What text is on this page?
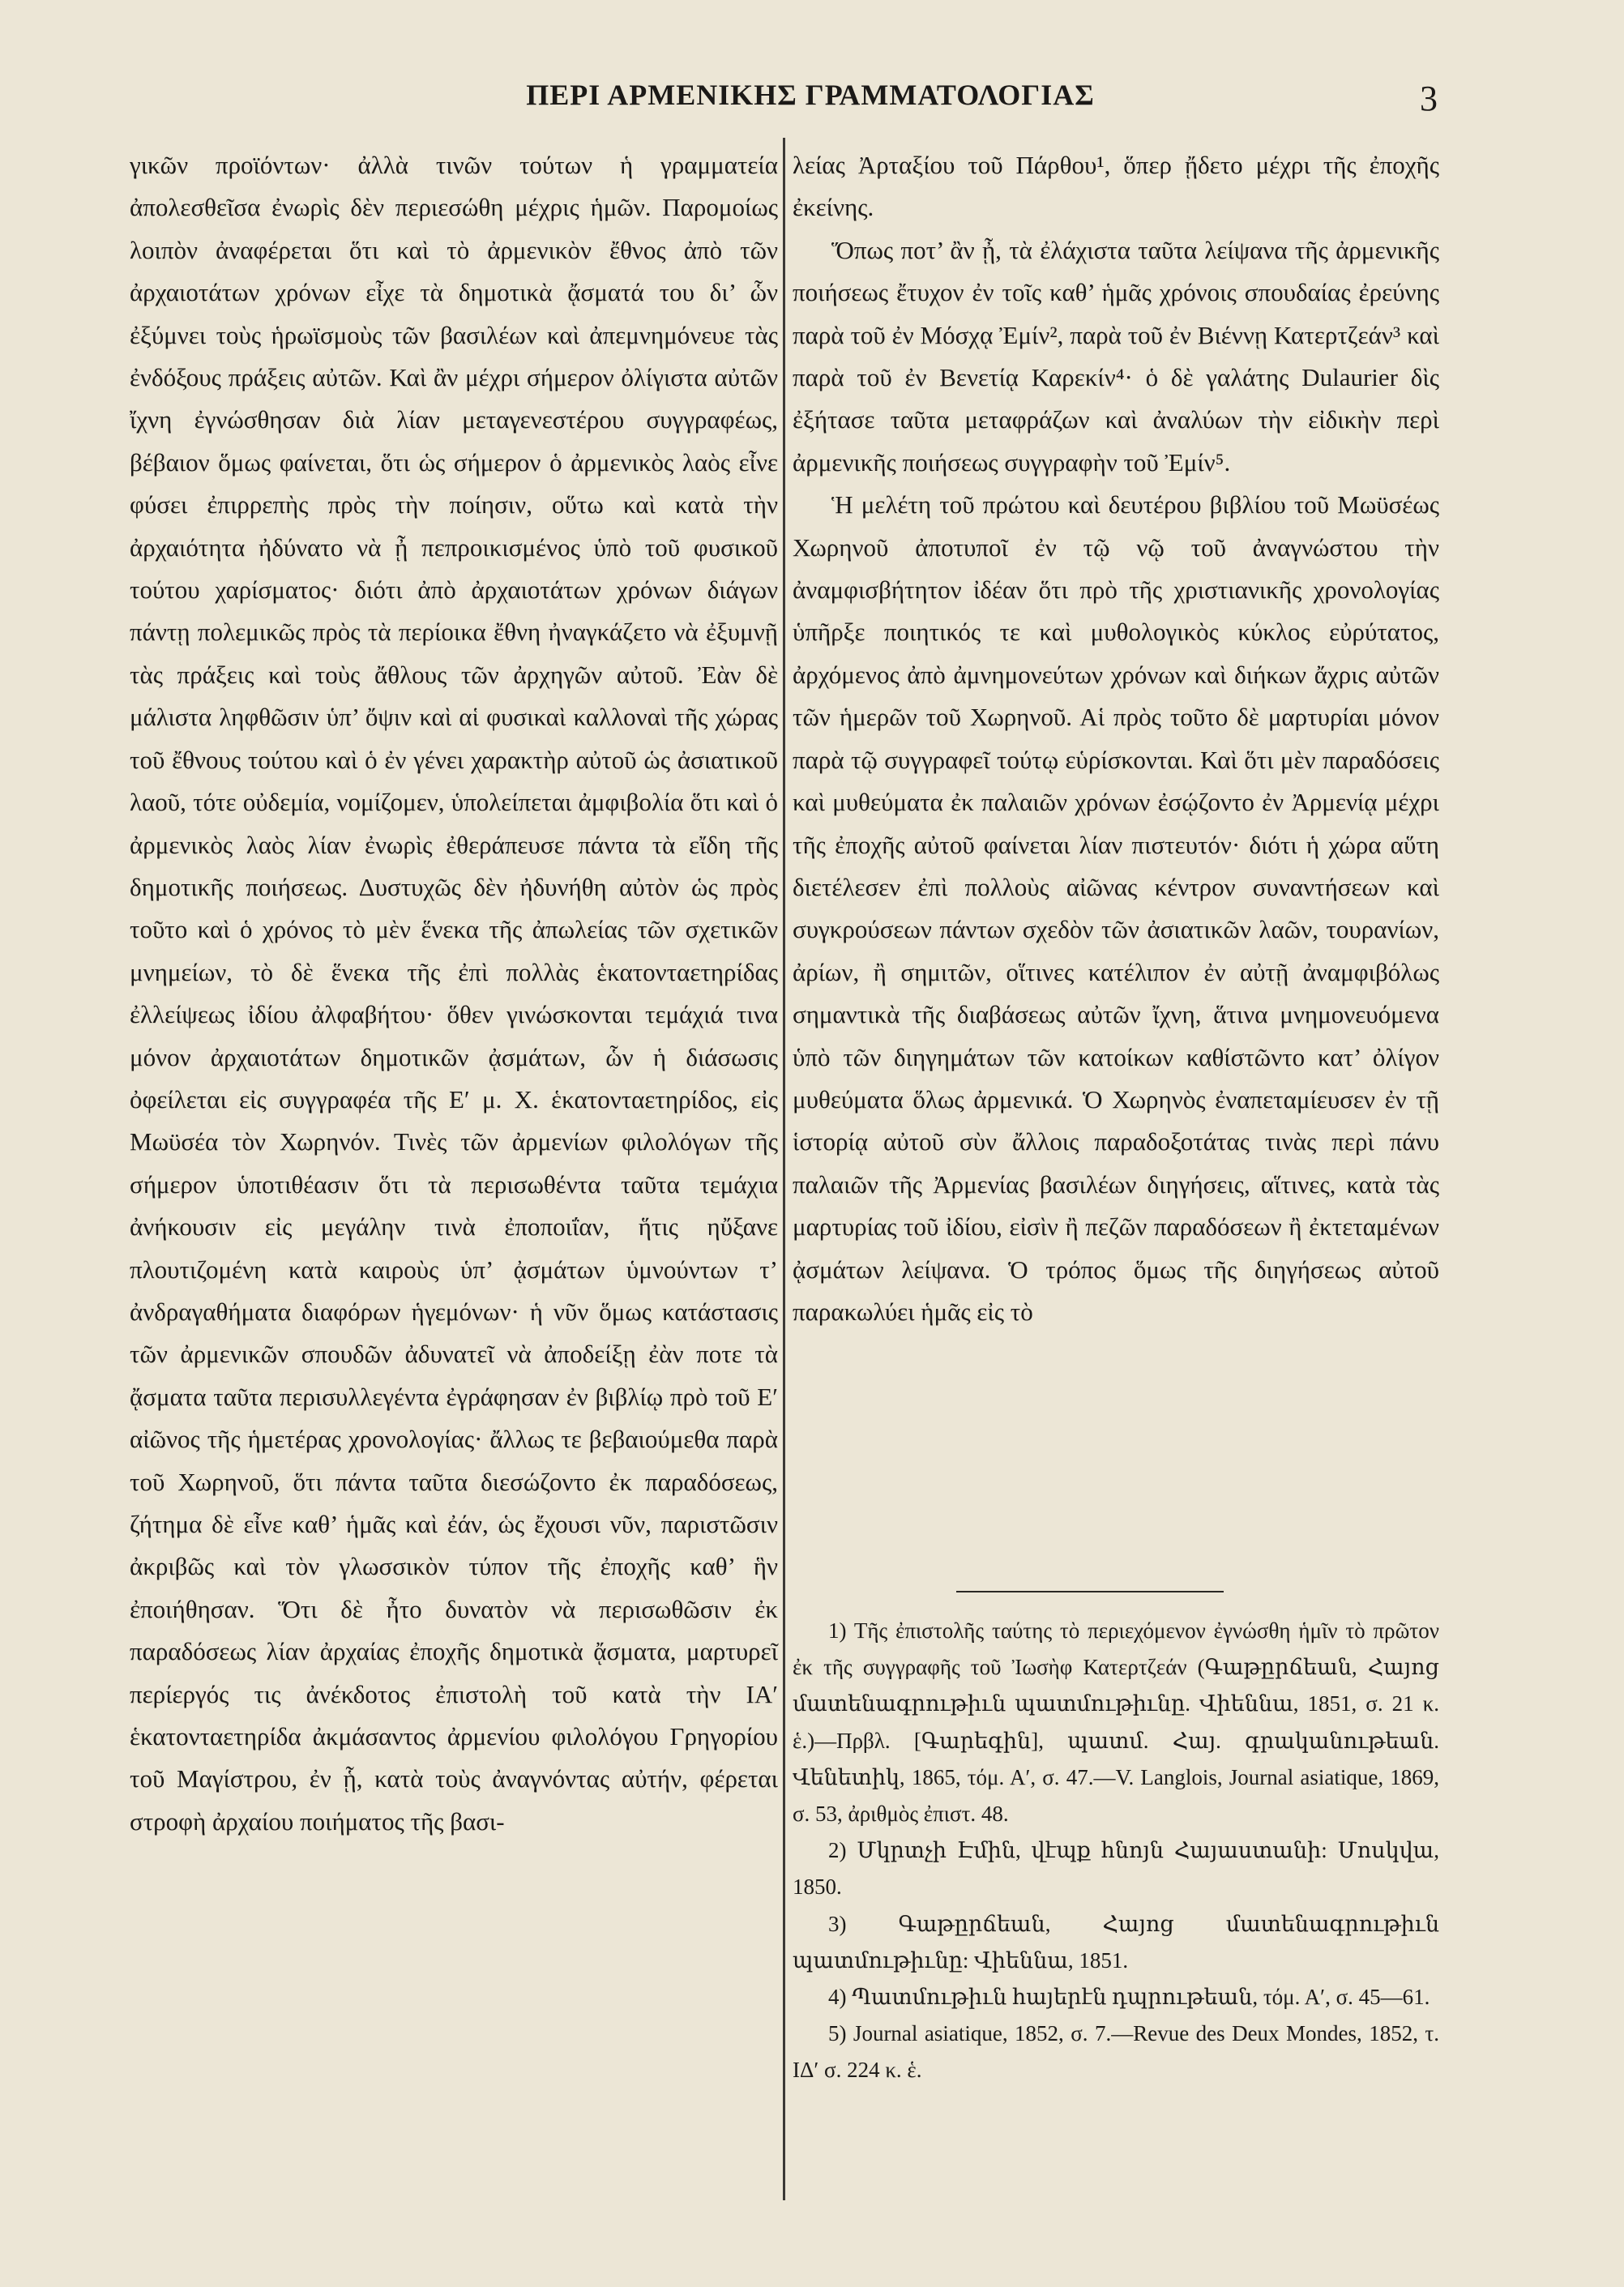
ΠΕΡΙ ΑΡΜΕΝΙΚΗΣ ΓΡΑΜΜΑΤΟΛΟΓΙΑΣ	3

γικῶν προϊόντων· ἀλλὰ τινῶν τούτων ἡ γραμματεία ἀπολεσθεῖσα ἐνωρὶς δὲν περιεσώθη μέχρις ἡμῶν. Παρομοίως λοιπὸν ἀναφέρεται ὅτι καὶ τὸ ἀρμενικὸν ἔθνος ἀπὸ τῶν ἀρχαιοτάτων χρόνων εἶχε τὰ δημοτικὰ ᾄσματά του δι’ ὧν ἐξύμνει τοὺς ἡρωϊσμοὺς τῶν βασιλέων καὶ ἀπεμνημόνευε τὰς ἐνδόξους πράξεις αὐτῶν. Καὶ ἂν μέχρι σήμερον ὀλίγιστα αὐτῶν ἴχνη ἐγνώσθησαν διὰ λίαν μεταγενεστέρου συγγραφέως, βέβαιον ὅμως φαίνεται, ὅτι ὡς σήμερον ὁ ἀρμενικὸς λαὸς εἶνε φύσει ἐπιρρεπὴς πρὸς τὴν ποίησιν, οὕτω καὶ κατὰ τὴν ἀρχαιότητα ἠδύνατο νὰ ᾖ πεπροικισμένος ὑπὸ τοῦ φυσικοῦ τούτου χαρίσματος· διότι ἀπὸ ἀρχαιοτάτων χρόνων διάγων πάντῃ πολεμικῶς πρὸς τὰ περίοικα ἔθνη ἠναγκάζετο νὰ ἐξυμνῇ τὰς πράξεις καὶ τοὺς ἄθλους τῶν ἀρχηγῶν αὐτοῦ. Ἐὰν δὲ μάλιστα ληφθῶσιν ὑπ’ ὄψιν καὶ αἱ φυσικαὶ καλλοναὶ τῆς χώρας τοῦ ἔθνους τούτου καὶ ὁ ἐν γένει χαρακτὴρ αὐτοῦ ὡς ἀσιατικοῦ λαοῦ, τότε οὐδεμία, νομίζομεν, ὑπολείπεται ἀμφιβολία ὅτι καὶ ὁ ἀρμενικὸς λαὸς λίαν ἐνωρὶς ἐθεράπευσε πάντα τὰ εἴδη τῆς δημοτικῆς ποιήσεως. Δυστυχῶς δὲν ἠδυνήθη αὐτὸν ὡς πρὸς τοῦτο καὶ ὁ χρόνος τὸ μὲν ἕνεκα τῆς ἀπωλείας τῶν σχετικῶν μνημείων, τὸ δὲ ἕνεκα τῆς ἐπὶ πολλὰς ἑκατονταετηρίδας ἐλλείψεως ἰδίου ἀλφαβήτου· ὅθεν γινώσκονται τεμάχιά τινα μόνον ἀρχαιοτάτων δημοτικῶν ᾀσμάτων, ὧν ἡ διάσωσις ὀφείλεται εἰς συγγραφέα τῆς Ε′ μ. Χ. ἑκατονταετηρίδος, εἰς Μωϋσέα τὸν Χωρηνόν. Τινὲς τῶν ἀρμενίων φιλολόγων τῆς σήμερον ὑποτιθέασιν ὅτι τὰ περισωθέντα ταῦτα τεμάχια ἀνήκουσιν εἰς μεγάλην τινὰ ἐποποιΐαν, ἥτις ηὔξανε πλουτιζομένη κατὰ καιροὺς ὑπ’ ᾀσμάτων ὑμνούντων τ’ ἀνδραγαθήματα διαφόρων ἡγεμόνων· ἡ νῦν ὅμως κατάστασις τῶν ἀρμενικῶν σπουδῶν ἀδυνατεῖ νὰ ἀποδείξῃ ἐὰν ποτε τὰ ᾄσματα ταῦτα περισυλλεγέντα ἐγράφησαν ἐν βιβλίῳ πρὸ τοῦ Ε′ αἰῶνος τῆς ἡμετέρας χρονολογίας· ἄλλως τε βεβαιούμεθα παρὰ τοῦ Χωρηνοῦ, ὅτι πάντα ταῦτα διεσώζοντο ἐκ παραδόσεως, ζήτημα δὲ εἶνε καθ’ ἡμᾶς καὶ ἐάν, ὡς ἔχουσι νῦν, παριστῶσιν ἀκριβῶς καὶ τὸν γλωσσικὸν τύπον τῆς ἐποχῆς καθ’ ἣν ἐποιήθησαν. Ὅτι δὲ ἦτο δυνατὸν νὰ περισωθῶσιν ἐκ παραδόσεως λίαν ἀρχαίας ἐποχῆς δημοτικὰ ᾄσματα, μαρτυρεῖ περίεργός τις ἀνέκδοτος ἐπιστολὴ τοῦ κατὰ τὴν ΙΑ′ ἑκατονταετηρίδα ἀκμάσαντος ἀρμενίου φιλολόγου Γρηγορίου τοῦ Μαγίστρου, ἐν ᾗ, κατὰ τοὺς ἀναγνόντας αὐτήν, φέρεται στροφὴ ἀρχαίου ποιήματος τῆς βασι-

λείας Ἀρταξίου τοῦ Πάρθου¹, ὅπερ ᾔδετο μέχρι τῆς ἐποχῆς ἐκείνης.

Ὅπως ποτ’ ἂν ᾖ, τὰ ἐλάχιστα ταῦτα λείψανα τῆς ἀρμενικῆς ποιήσεως ἔτυχον ἐν τοῖς καθ’ ἡμᾶς χρόνοις σπουδαίας ἐρεύνης παρὰ τοῦ ἐν Μόσχᾳ Ἐμίν², παρὰ τοῦ ἐν Βιέννῃ Κατερτζεάν³ καὶ παρὰ τοῦ ἐν Βενετίᾳ Καρεκίν⁴· ὁ δὲ γαλάτης Dulaurier δὶς ἐξήτασε ταῦτα μεταφράζων καὶ ἀναλύων τὴν εἰδικὴν περὶ ἀρμενικῆς ποιήσεως συγγραφὴν τοῦ Ἐμίν⁵.

Ἡ μελέτη τοῦ πρώτου καὶ δευτέρου βιβλίου τοῦ Μωϋσέως Χωρηνοῦ ἀποτυποῖ ἐν τῷ νῷ τοῦ ἀναγνώστου τὴν ἀναμφισβήτητον ἰδέαν ὅτι πρὸ τῆς χριστιανικῆς χρονολογίας ὑπῆρξε ποιητικός τε καὶ μυθολογικὸς κύκλος εὐρύτατος, ἀρχόμενος ἀπὸ ἀμνημονεύτων χρόνων καὶ διήκων ἄχρις αὐτῶν τῶν ἡμερῶν τοῦ Χωρηνοῦ. Αἱ πρὸς τοῦτο δὲ μαρτυρίαι μόνον παρὰ τῷ συγγραφεῖ τούτῳ εὑρίσκονται. Καὶ ὅτι μὲν παραδόσεις καὶ μυθεύματα ἐκ παλαιῶν χρόνων ἐσῴζοντο ἐν Ἀρμενίᾳ μέχρι τῆς ἐποχῆς αὐτοῦ φαίνεται λίαν πιστευτόν· διότι ἡ χώρα αὕτη διετέλεσεν ἐπὶ πολλοὺς αἰῶνας κέντρον συναντήσεων καὶ συγκρούσεων πάντων σχεδὸν τῶν ἀσιατικῶν λαῶν, τουρανίων, ἀρίων, ἢ σημιτῶν, οἵτινες κατέλιπον ἐν αὐτῇ ἀναμφιβόλως σημαντικὰ τῆς διαβάσεως αὐτῶν ἴχνη, ἅτινα μνημονευόμενα ὑπὸ τῶν διηγημάτων τῶν κατοίκων καθίστῶντο κατ’ ὀλίγον μυθεύματα ὅλως ἀρμενικά. Ὁ Χωρηνὸς ἐναπεταμίευσεν ἐν τῇ ἱστορίᾳ αὐτοῦ σὺν ἄλλοις παραδοξοτάτας τινὰς περὶ πάνυ παλαιῶν τῆς Ἀρμενίας βασιλέων διηγήσεις, αἵτινες, κατὰ τὰς μαρτυρίας τοῦ ἰδίου, εἰσὶν ἢ πεζῶν παραδόσεων ἢ ἐκτεταμένων ᾀσμάτων λείψανα. Ὁ τρόπος ὅμως τῆς διηγήσεως αὐτοῦ παρακωλύει ἡμᾶς εἰς τὸ

1) Τῆς ἐπιστολῆς ταύτης τὸ περιεχόμενον ἐγνώσθη ἡμῖν τὸ πρῶτον ἐκ τῆς συγγραφῆς τοῦ Ἰωσὴφ Κατερτζεάν (Գաթըրճեան, Հայոց մատենագրութիւն պատմութիւնը. Վիեննա, 1851, σ. 21 κ. ἑ.)—Πρβλ. [Գարեգին], պատմ. Հայ. գրականութեան. Վենետիկ, 1865, τόμ. Α′, σ. 47.—V. Langlois, Journal asiatique, 1869, σ. 53, ἀριθμὸς ἐπιστ. 48.

2) Մկրտչի Էմին, վէպք հնոյն Հայաստանի: Մոսկվա, 1850.

3) Գաթըրճեան, Հայոց մատենագրութիւն պատմութիւնը: Վիեննա, 1851.

4) Պատմութիւն հայերէն դպրութեան, τόμ. Α′, σ. 45—61.

5) Journal asiatique, 1852, σ. 7.—Revue des Deux Mondes, 1852, τ. ΙΔ′ σ. 224 κ. ἑ.
